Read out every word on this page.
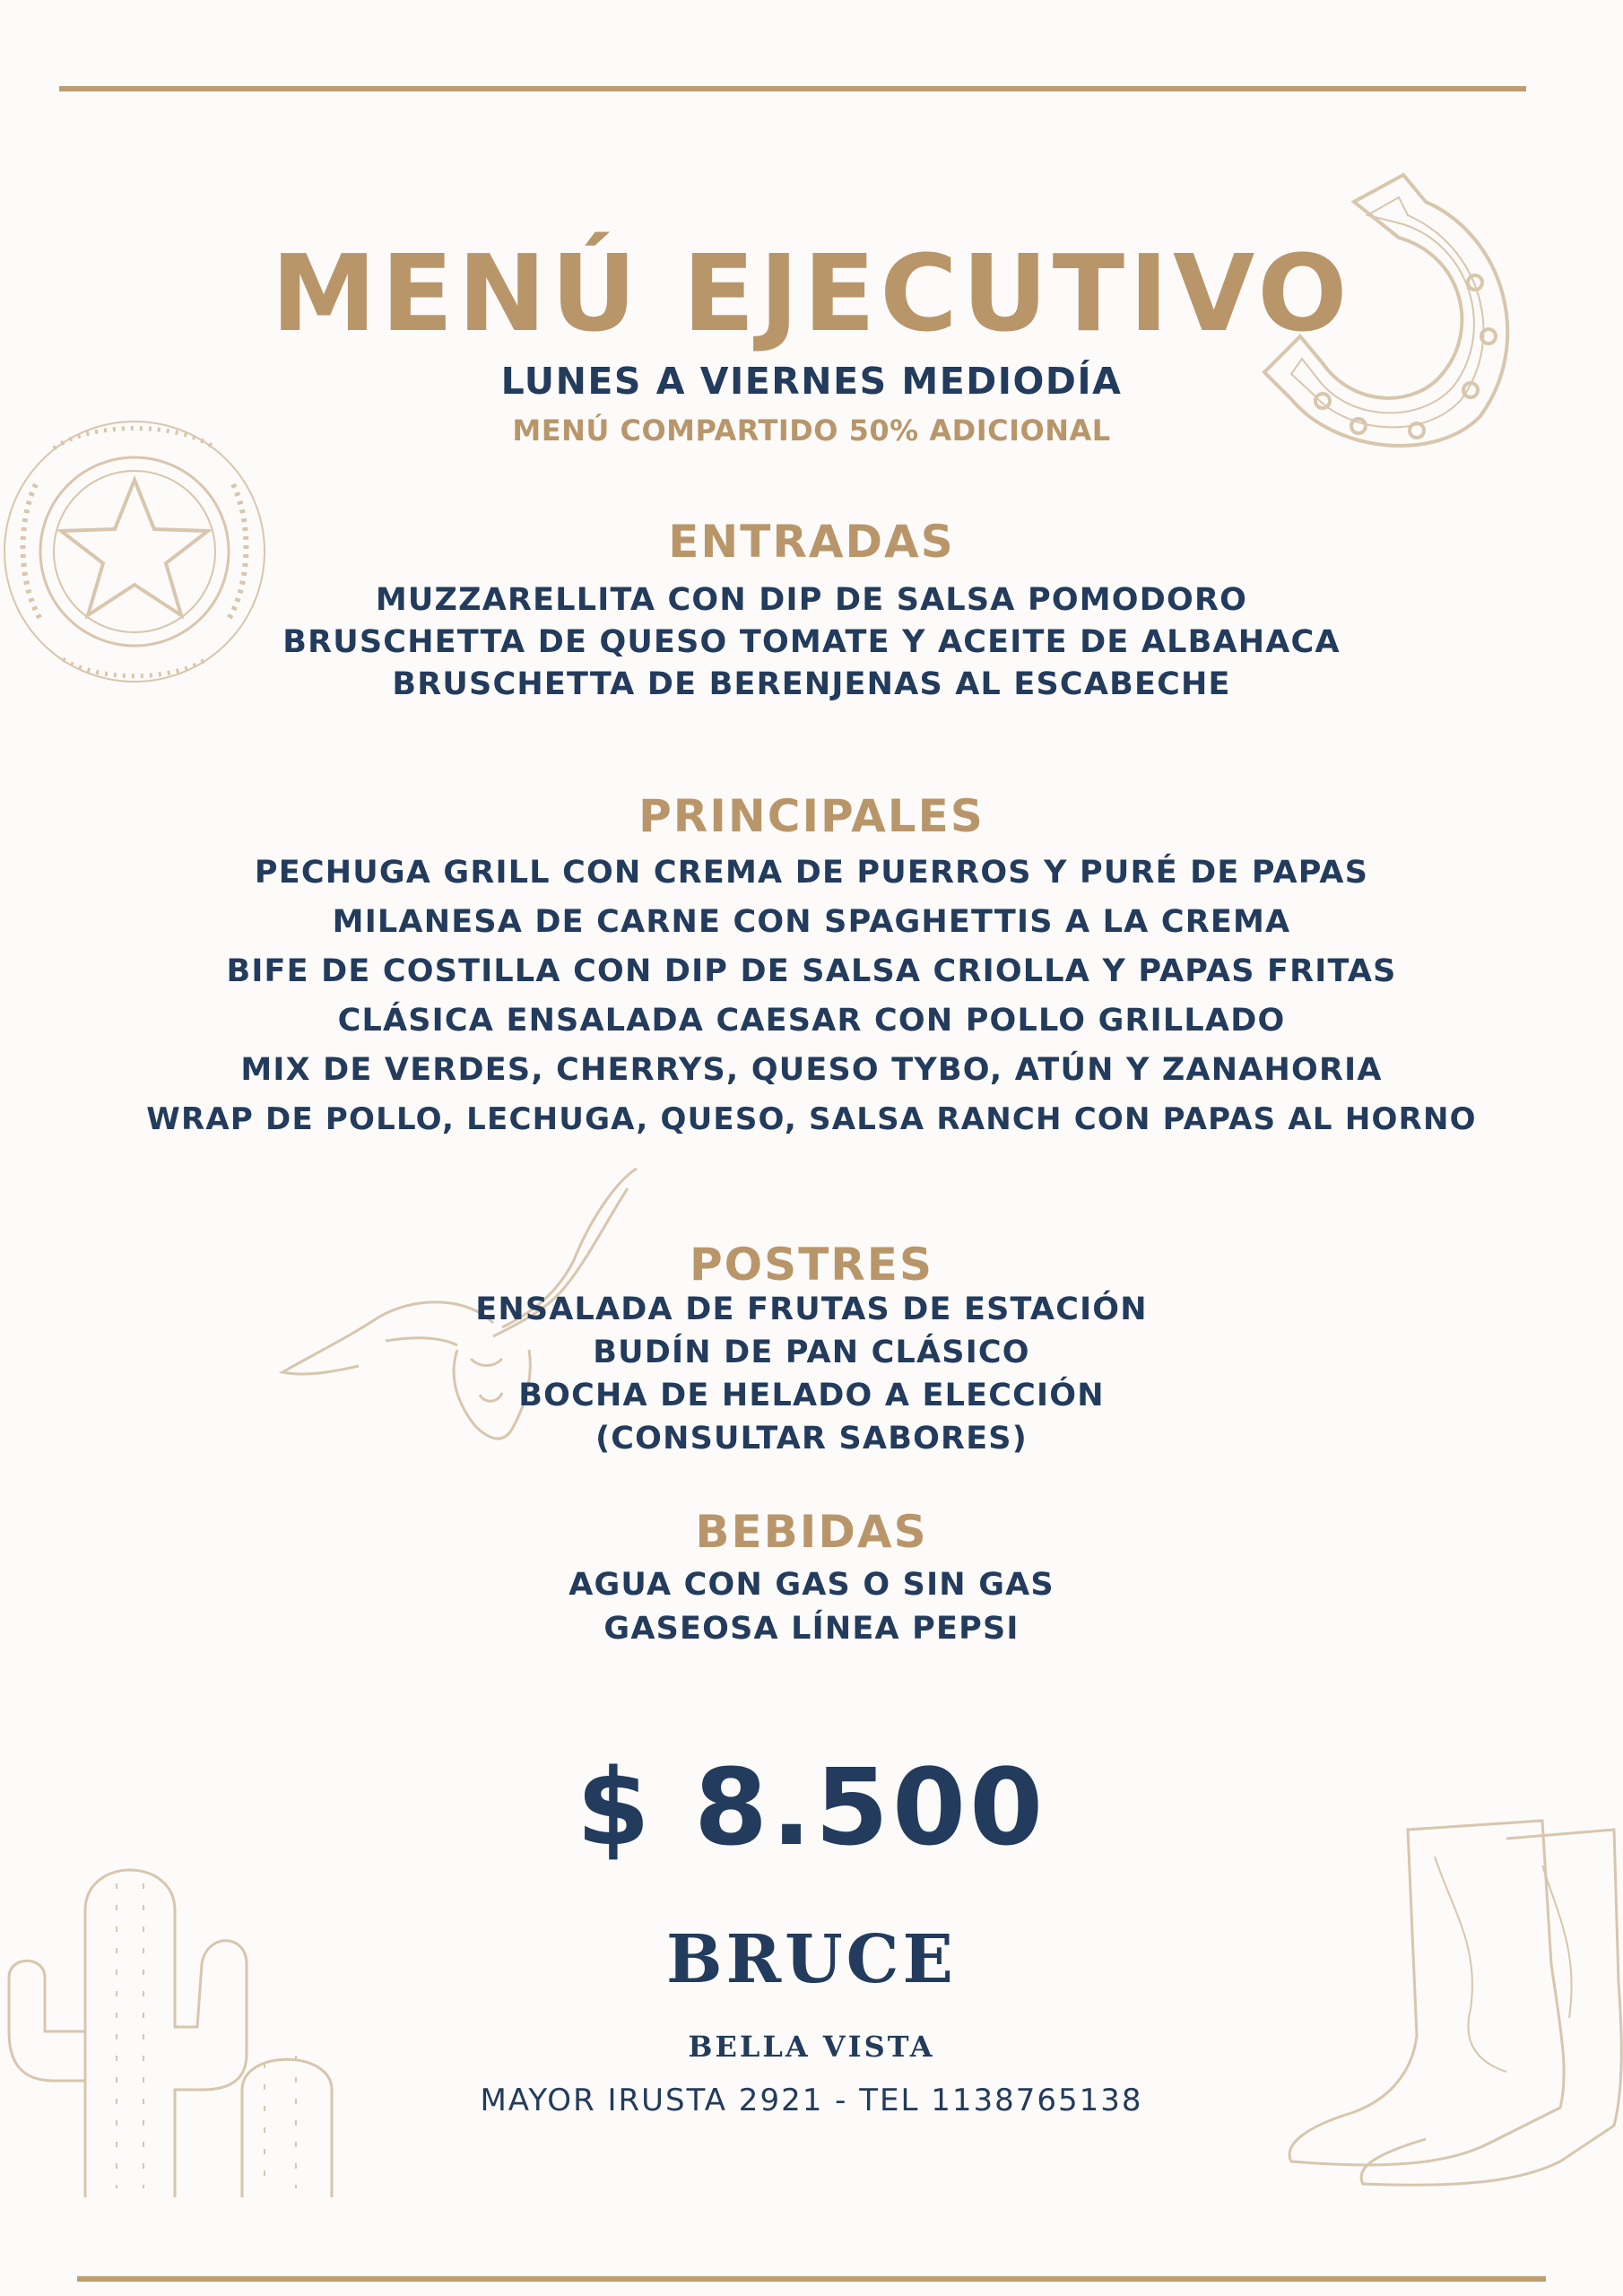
MENÚ EJECUTIVO
LUNES A VIERNES MEDIODÍA
MENÚ COMPARTIDO 50% ADICIONAL
ENTRADAS
MUZZARELLITA CON DIP DE SALSA POMODORO
BRUSCHETTA DE QUESO TOMATE Y ACEITE DE ALBAHACA
BRUSCHETTA DE BERENJENAS AL ESCABECHE
PRINCIPALES
PECHUGA GRILL CON CREMA DE PUERROS Y PURÉ DE PAPAS
MILANESA DE CARNE CON SPAGHETTIS A LA CREMA
BIFE DE COSTILLA CON DIP DE SALSA CRIOLLA Y PAPAS FRITAS
CLÁSICA ENSALADA CAESAR CON POLLO GRILLADO
MIX DE VERDES, CHERRYS, QUESO TYBO, ATÚN Y ZANAHORIA
WRAP DE POLLO, LECHUGA, QUESO, SALSA RANCH CON PAPAS AL HORNO
POSTRES
ENSALADA DE FRUTAS DE ESTACIÓN
BUDÍN DE PAN CLÁSICO
BOCHA DE HELADO A ELECCIÓN
(CONSULTAR SABORES)
BEBIDAS
AGUA CON GAS O SIN GAS
GASEOSA LÍNEA PEPSI
$ 8.500
BRUCE
BELLA VISTA
MAYOR IRUSTA 2921 - TEL 1138765138
